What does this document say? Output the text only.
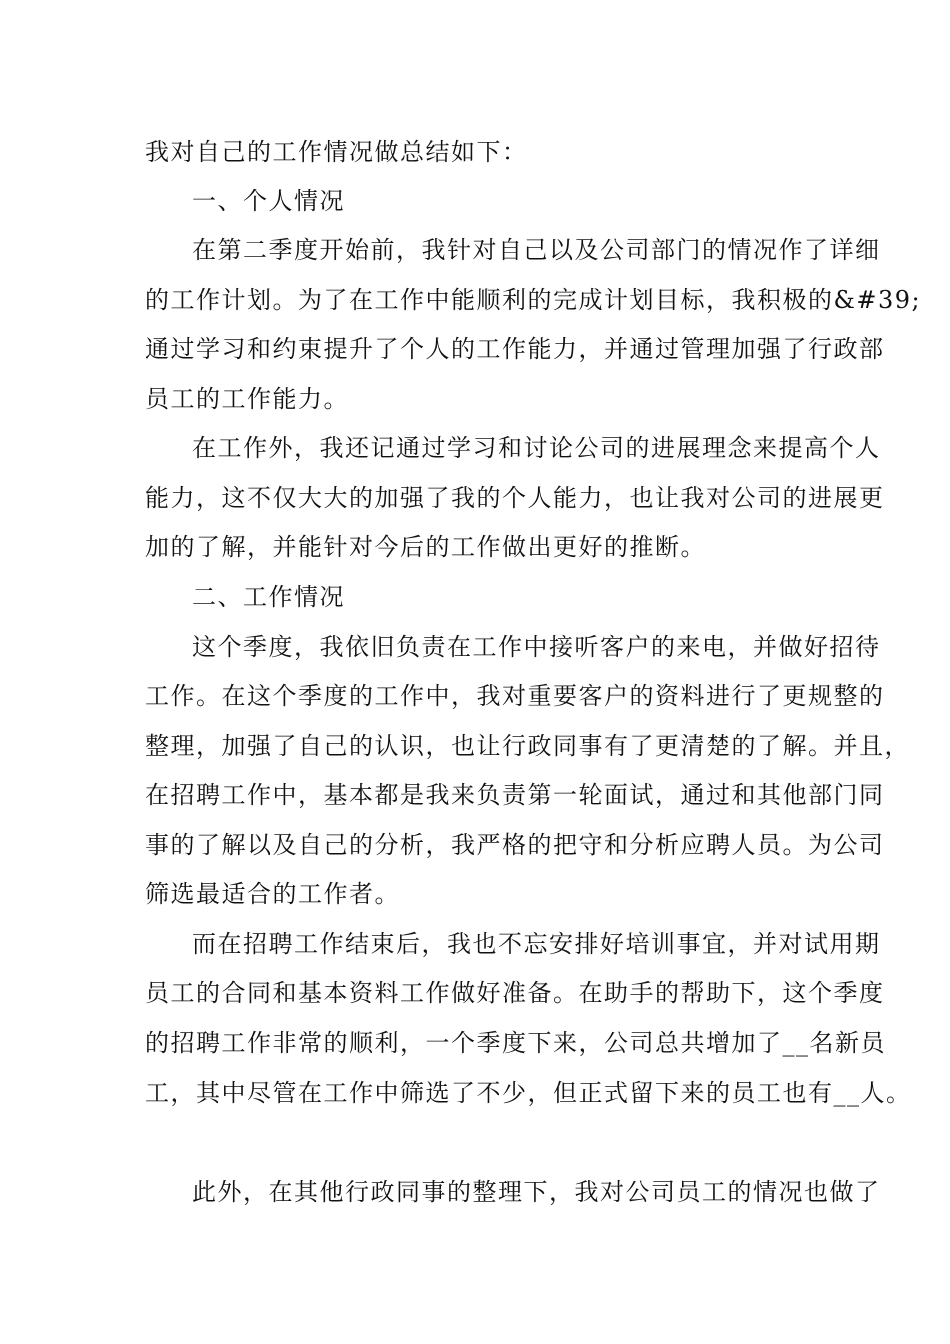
我对自己的工作情况做总结如下：
一、个人情况
在第二季度开始前，我针对自己以及公司部门的情况作了详细
的工作计划。为了在工作中能顺利的完成计划目标，我积极的&#39;
通过学习和约束提升了个人的工作能力，并通过管理加强了行政部
员工的工作能力。
在工作外，我还记通过学习和讨论公司的进展理念来提高个人
能力，这不仅大大的加强了我的个人能力，也让我对公司的进展更
加的了解，并能针对今后的工作做出更好的推断。
二、工作情况
这个季度，我依旧负责在工作中接听客户的来电，并做好招待
工作。在这个季度的工作中，我对重要客户的资料进行了更规整的
整理，加强了自己的认识，也让行政同事有了更清楚的了解。并且，
在招聘工作中，基本都是我来负责第一轮面试，通过和其他部门同
事的了解以及自己的分析，我严格的把守和分析应聘人员。为公司
筛选最适合的工作者。
而在招聘工作结束后，我也不忘安排好培训事宜，并对试用期
员工的合同和基本资料工作做好准备。在助手的帮助下，这个季度
的招聘工作非常的顺利，一个季度下来，公司总共增加了__名新员
工，其中尽管在工作中筛选了不少，但正式留下来的员工也有__人。
此外，在其他行政同事的整理下，我对公司员工的情况也做了
